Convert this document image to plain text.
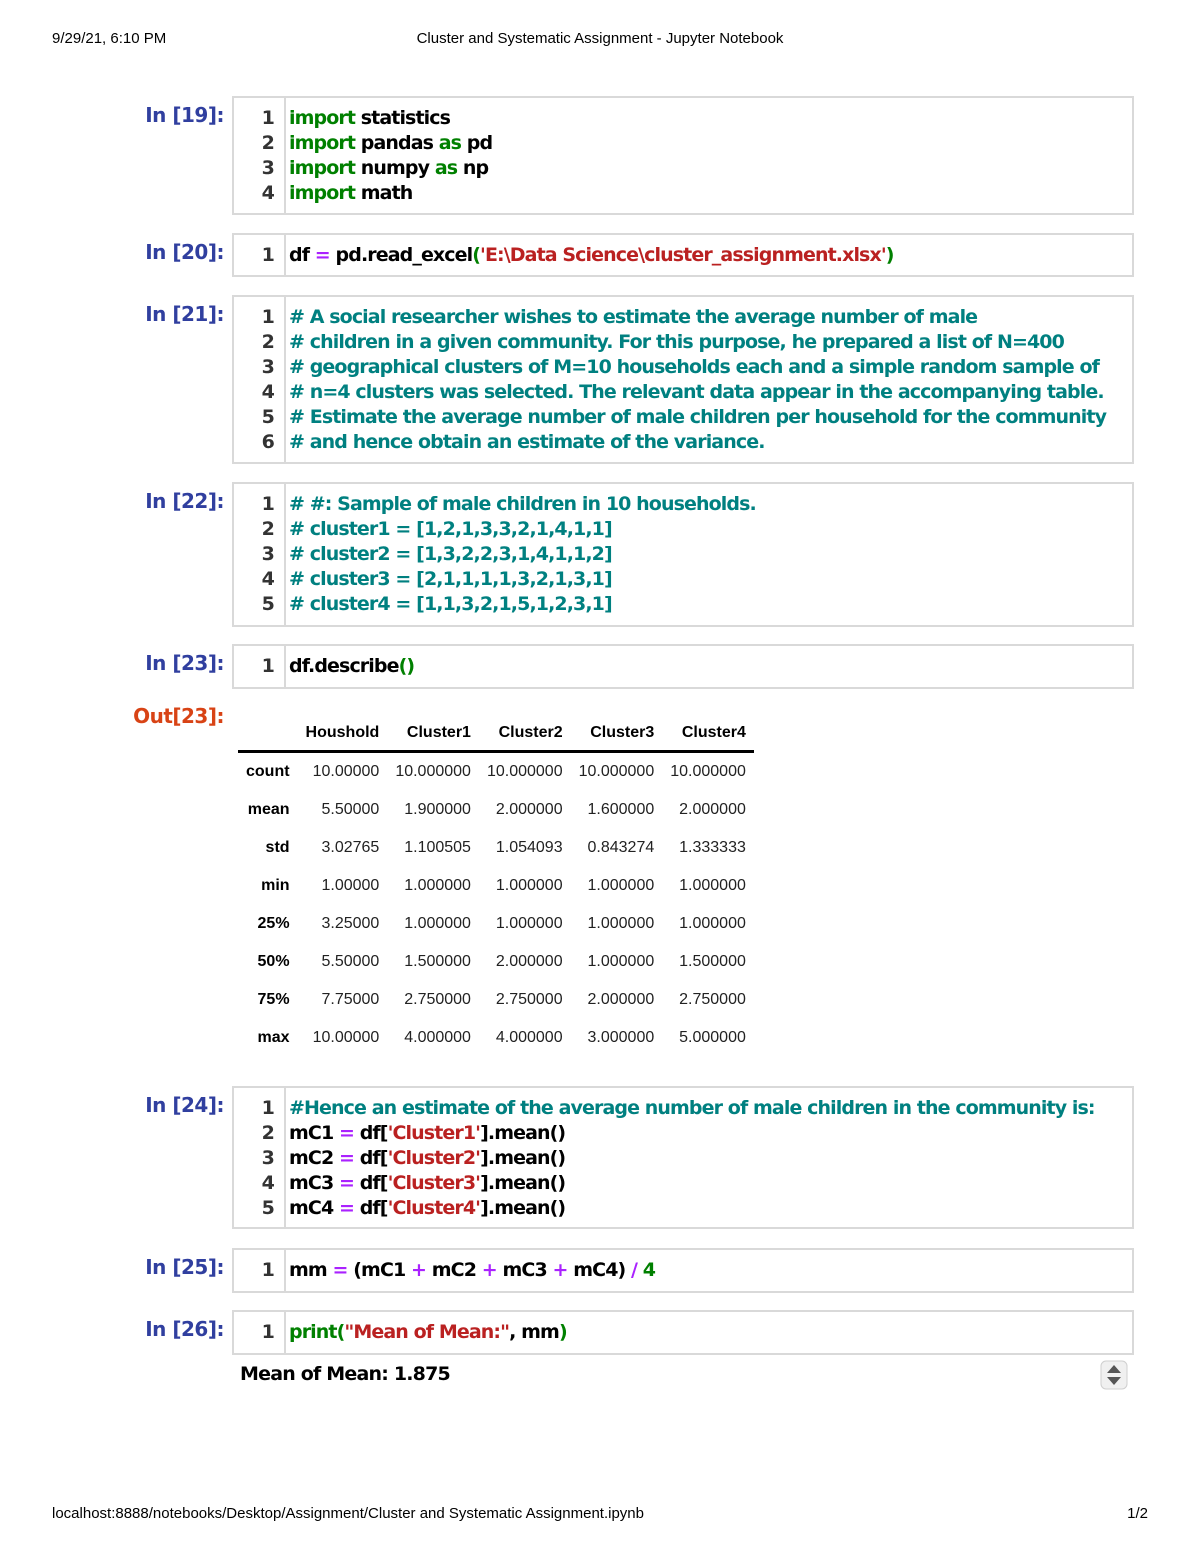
9/29/21, 6:10 PM	Cluster and Systematic Assignment - Jupyter Notebook
In [19]:	1 import statistics
2 import pandas as pd
3 import numpy as np
4 import math
In [20]:	1 df = pd.read_excel('E:\Data Science\cluster_assignment.xlsx')
In [21]:	1 # A social researcher wishes to estimate the average number of male
2 # children in a given community. For this purpose, he prepared a list of N=400
3 # geographical clusters of M=10 households each and a simple random sample of
4 # n=4 clusters was selected. The relevant data appear in the accompanying table.
5 # Estimate the average number of male children per household for the community
6 # and hence obtain an estimate of the variance.
In [22]:	1 # #: Sample of male children in 10 households.
2 # cluster1 = [1,2,1,3,3,2,1,4,1,1]
3 # cluster2 = [1,3,2,2,3,1,4,1,1,2]
4 # cluster3 = [2,1,1,1,1,3,2,1,3,1]
5 # cluster4 = [1,1,3,2,1,5,1,2,3,1]
In [23]:	1 df.describe()
Out[23]:
	Houshold	Cluster1	Cluster2	Cluster3	Cluster4
count	10.00000	10.000000	10.000000	10.000000	10.000000
mean	5.50000	1.900000	2.000000	1.600000	2.000000
std	3.02765	1.100505	1.054093	0.843274	1.333333
min	1.00000	1.000000	1.000000	1.000000	1.000000
25%	3.25000	1.000000	1.000000	1.000000	1.000000
50%	5.50000	1.500000	2.000000	1.000000	1.500000
75%	7.75000	2.750000	2.750000	2.000000	2.750000
max	10.00000	4.000000	4.000000	3.000000	5.000000
In [24]:	1 #Hence an estimate of the average number of male children in the community is:
2 mC1 = df['Cluster1'].mean()
3 mC2 = df['Cluster2'].mean()
4 mC3 = df['Cluster3'].mean()
5 mC4 = df['Cluster4'].mean()
In [25]:	1 mm = (mC1 + mC2 + mC3 + mC4) / 4
In [26]:	1 print("Mean of Mean:", mm)
Mean of Mean: 1.875
localhost:8888/notebooks/Desktop/Assignment/Cluster and Systematic Assignment.ipynb	1/2
